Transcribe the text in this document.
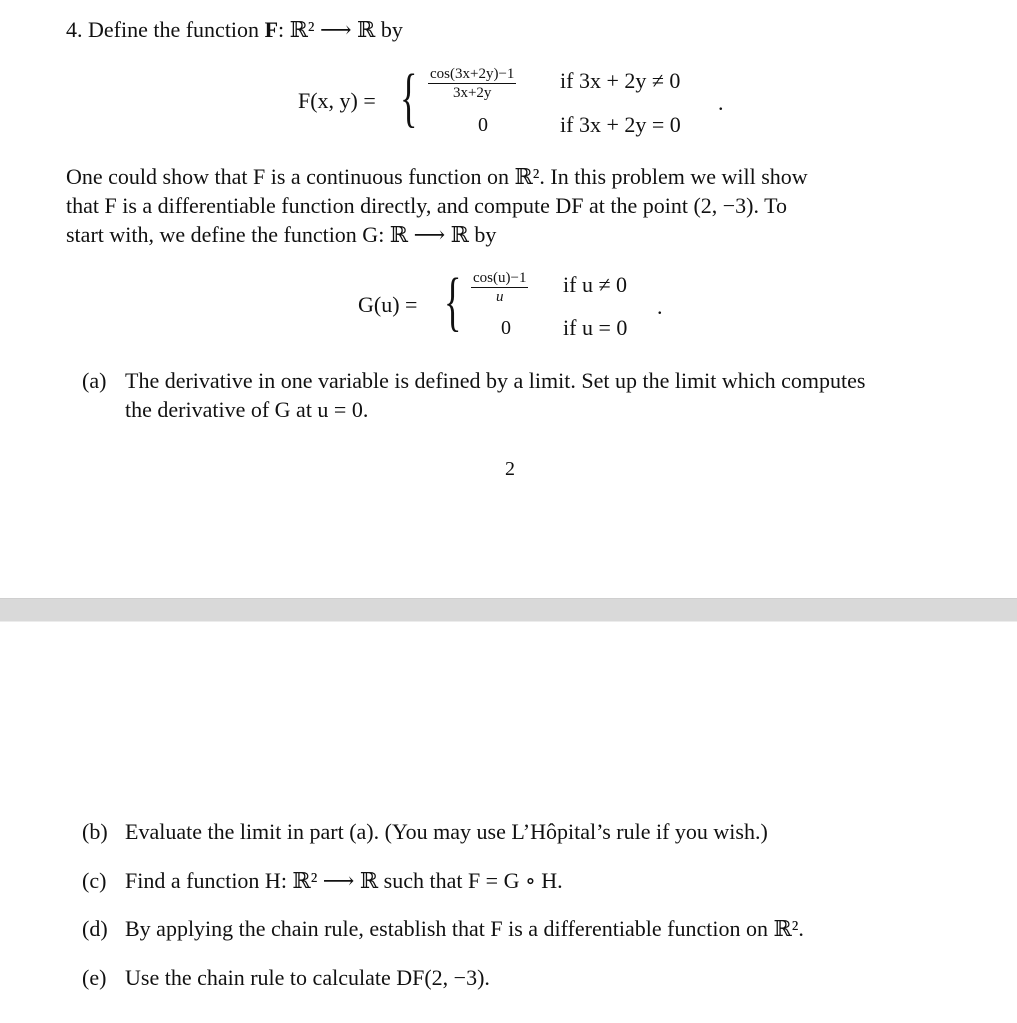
4. Define the function F: ℝ² ⟶ ℝ by
F(x, y) = { $\frac{\cos(3x+2y)-1}{3x+2y}$ if 3x + 2y ≠ 0
0	if 3x + 2y = 0
.
One could show that F is a continuous function on ℝ². In this problem we will show
that F is a differentiable function directly, and compute DF at the point (2, −3). To
start with, we define the function G: ℝ ⟶ ℝ by
G(u) = { $\frac{\cos(u)-1}{u}$ if u ≠ 0
0 if u = 0
.
(a) The derivative in one variable is defined by a limit. Set up the limit which computes
the derivative of G at u = 0.
2
(b) Evaluate the limit in part (a). (You may use L’Hôpital’s rule if you wish.)
(c) Find a function H: ℝ² ⟶ ℝ such that F = G ∘ H.
(d) By applying the chain rule, establish that F is a differentiable function on ℝ².
(e) Use the chain rule to calculate DF(2, −3).
